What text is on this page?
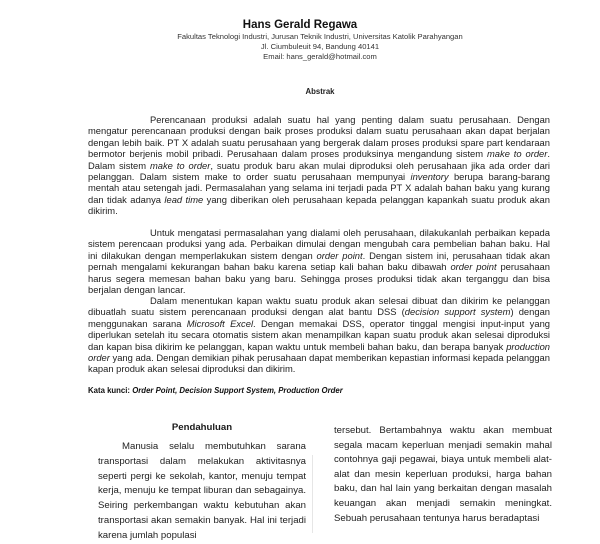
Hans Gerald Regawa
Fakultas Teknologi Industri, Jurusan Teknik Industri, Universitas Katolik Parahyangan
Jl. Ciumbuleuit 94, Bandung 40141
Email: hans_gerald@hotmail.com
Abstrak

Perencanaan produksi adalah suatu hal yang penting dalam suatu perusahaan. Dengan mengatur perencanaan produksi dengan baik proses produksi dalam suatu perusahaan akan dapat berjalan dengan lebih baik. PT X adalah suatu perusahaan yang bergerak dalam proses produksi spare part kendaraan bermotor berjenis mobil pribadi. Perusahaan dalam proses produksinya mengandung sistem make to order. Dalam sistem make to order, suatu produk baru akan mulai diproduksi oleh perusahaan jika ada order dari pelanggan. Dalam sistem make to order suatu perusahaan mempunyai inventory berupa barang-barang mentah atau setengah jadi. Permasalahan yang selama ini terjadi pada PT X adalah bahan baku yang kurang dan tidak adanya lead time yang diberikan oleh perusahaan kepada pelanggan kapankah suatu produk akan dikirim.

Untuk mengatasi permasalahan yang dialami oleh perusahaan, dilakukanlah perbaikan kepada sistem perencaan produksi yang ada. Perbaikan dimulai dengan mengubah cara pembelian bahan baku. Hal ini dilakukan dengan memperlakukan sistem dengan order point. Dengan sistem ini, perusahaan tidak akan pernah mengalami kekurangan bahan baku karena setiap kali bahan baku dibawah order point perusahaan harus segera memesan bahan baku yang baru. Sehingga proses produksi tidak akan terganggu dan bisa berjalan dengan lancar.

Dalam menentukan kapan waktu suatu produk akan selesai dibuat dan dikirim ke pelanggan dibuatlah suatu sistem perencanaan produksi dengan alat bantu DSS (decision support system) dengan menggunakan sarana Microsoft Excel. Dengan memakai DSS, operator tinggal mengisi input-input yang diperlukan setelah itu secara otomatis sistem akan menampilkan kapan suatu produk akan selesai diproduksi dan kapan bisa dikirim ke pelanggan, kapan waktu untuk membeli bahan baku, dan berapa banyak production order yang ada. Dengan demikian pihak perusahaan dapat memberikan kepastian informasi kepada pelanggan kapan produk akan selesai diproduksi dan dikirim.

Kata kunci: Order Point, Decision Support System, Production Order
Pendahuluan

Manusia selalu membutuhkan sarana transportasi dalam melakukan aktivitasnya seperti pergi ke sekolah, kantor, menuju tempat kerja, menuju ke tempat liburan dan sebagainya. Seiring perkembangan waktu kebutuhan akan transportasi akan semakin banyak. Hal ini terjadi karena jumlah populasi

tersebut. Bertambahnya waktu akan membuat segala macam keperluan menjadi semakin mahal contohnya gaji pegawai, biaya untuk membeli alat-alat dan mesin keperluan produksi, harga bahan baku, dan hal lain yang berkaitan dengan masalah keuangan akan menjadi semakin meningkat. Sebuah perusahaan tentunya harus beradaptasi
